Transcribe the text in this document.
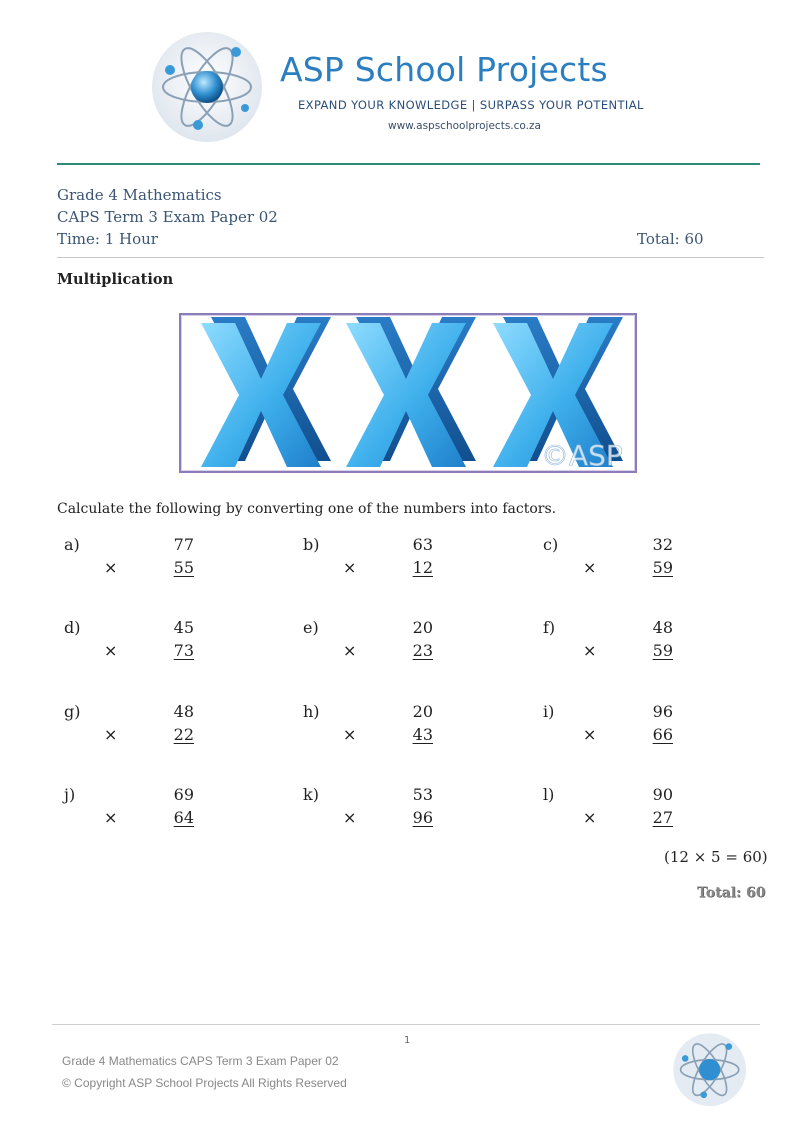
ASP School Projects
EXPAND YOUR KNOWLEDGE | SURPASS YOUR POTENTIAL
www.aspschoolprojects.co.za
Grade 4 Mathematics
CAPS Term 3 Exam Paper 02
Time: 1 Hour	Total: 60
Multiplication
©ASP
Calculate the following by converting one of the numbers into factors.
a)	77
×	55
b)	63
×	12
c)	32
×	59
d)	45
×	73
e)	20
×	23
f)	48
×	59
g)	48
×	22
h)	20
×	43
i)	96
×	66
j)	69
×	64
k)	53
×	96
l)	90
×	27
(12 × 5 = 60)
Total: 60
1
Grade 4 Mathematics CAPS Term 3 Exam Paper 02
© Copyright ASP School Projects All Rights Reserved
